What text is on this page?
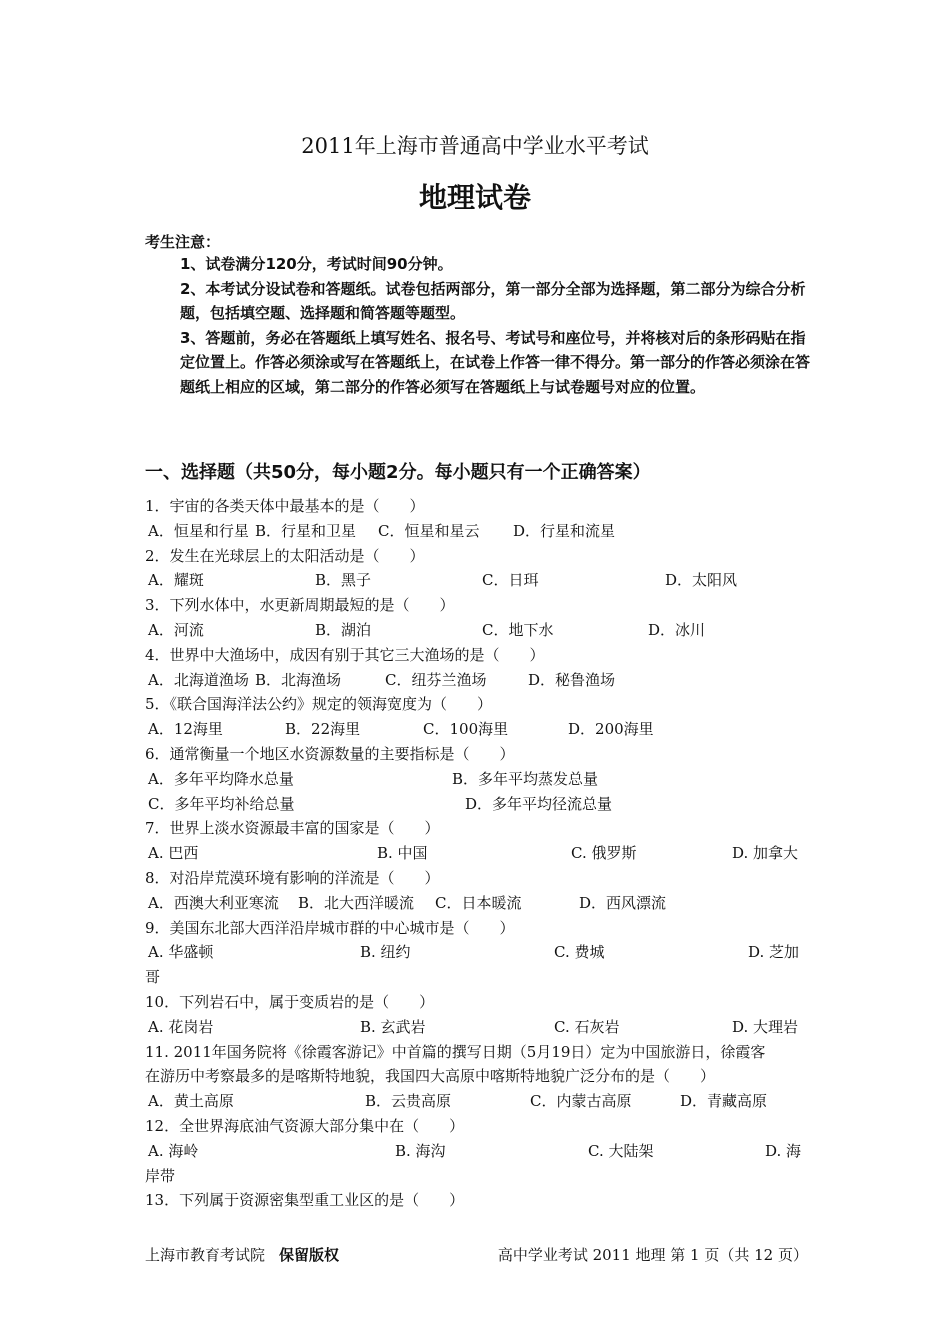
2011年上海市普通高中学业水平考试
地理试卷
考生注意：

1、试卷满分120分，考试时间90分钟。

2、本考试分设试卷和答题纸。试卷包括两部分，第一部分全部为选择题，第二部分为综合分析题，包括填空题、选择题和简答题等题型。

3、答题前，务必在答题纸上填写姓名、报名号、考试号和座位号，并将核对后的条形码贴在指定位置上。作答必须涂或写在答题纸上，在试卷上作答一律不得分。第一部分的作答必须涂在答题纸上相应的区域，第二部分的作答必须写在答题纸上与试卷题号对应的位置。

一、选择题（共50分，每小题2分。每小题只有一个正确答案）
1．宇宙的各类天体中最基本的是（　　）
A．恒星和行星 B．行星和卫星 C．恒星和星云 D．行星和流星
2．发生在光球层上的太阳活动是（　　）
A．耀斑	B．黑子	C．日珥	D．太阳风
3．下列水体中，水更新周期最短的是（　　）
A．河流	B．湖泊	C．地下水	D．冰川
4．世界中大渔场中，成因有别于其它三大渔场的是（　　）
A．北海道渔场 B．北海渔场	C．纽芬兰渔场	D．秘鲁渔场
5．《联合国海洋法公约》规定的领海宽度为（　　）
A．12海里	B．22海里	C．100海里	D．200海里
6．通常衡量一个地区水资源数量的主要指标是（　　）
A．多年平均降水总量	B．多年平均蒸发总量
C．多年平均补给总量	D．多年平均径流总量
7．世界上淡水资源最丰富的国家是（　　）
A. 巴西	B. 中国	C. 俄罗斯	D. 加拿大
8．对沿岸荒漠环境有影响的洋流是（　　）
A．西澳大利亚寒流 B．北大西洋暖流 C．日本暖流	D．西风漂流
9．美国东北部大西洋沿岸城市群的中心城市是（　　）
A. 华盛顿	B. 纽约	C. 费城	D. 芝加
哥
10．下列岩石中，属于变质岩的是（　　）
A. 花岗岩	B. 玄武岩	C. 石灰岩	D. 大理岩
11. 2011年国务院将《徐霞客游记》中首篇的撰写日期（5月19日）定为中国旅游日，徐霞客
在游历中考察最多的是喀斯特地貌，我国四大高原中喀斯特地貌广泛分布的是（　　）
A．黄土高原	B．云贵高原	C．内蒙古高原	D．青藏高原
12．全世界海底油气资源大部分集中在（　　）
A. 海岭	B. 海沟	C. 大陆架	D. 海
岸带
13．下列属于资源密集型重工业区的是（　　）
上海市教育考试院 保留版权	高中学业考试 2011 地理 第 1 页（共 12 页）
